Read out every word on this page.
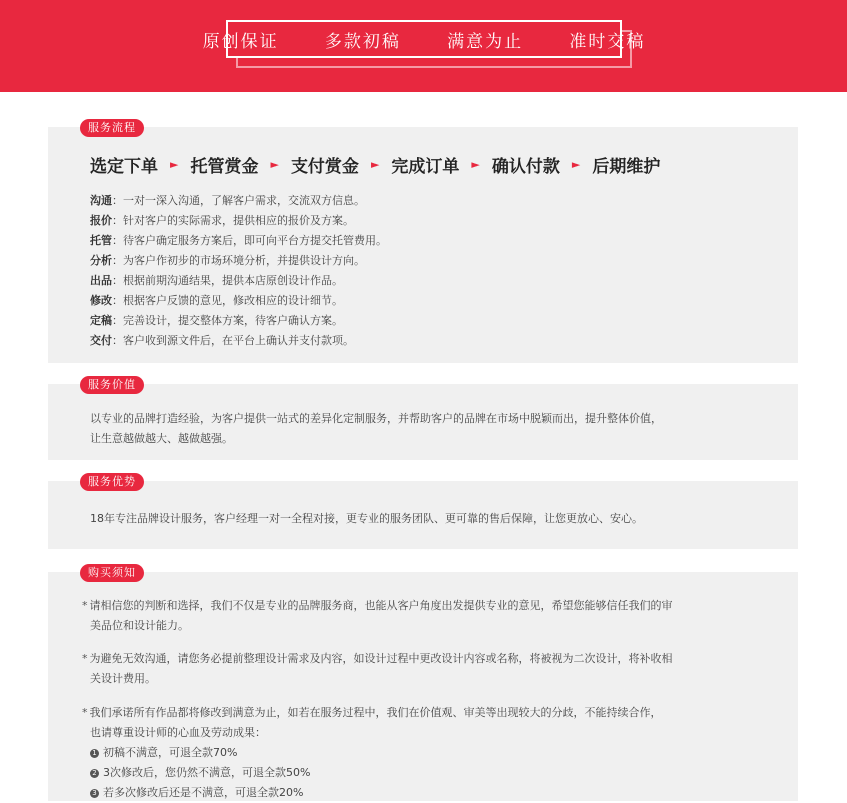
原创保证   多款初稿   满意为止   准时交稿
服务流程
选定下单 ► 托管赏金 ► 支付赏金 ► 完成订单 ► 确认付款 ► 后期维护
沟通：一对一深入沟通，了解客户需求，交流双方信息。
报价：针对客户的实际需求，提供相应的报价及方案。
托管：待客户确定服务方案后，即可向平台方提交托管费用。
分析：为客户作初步的市场环境分析，并提供设计方向。
出品：根据前期沟通结果，提供本店原创设计作品。
修改：根据客户反馈的意见，修改相应的设计细节。
定稿：完善设计，提交整体方案，待客户确认方案。
交付：客户收到源文件后，在平台上确认并支付款项。
服务价值
以专业的品牌打造经验，为客户提供一站式的差异化定制服务，并帮助客户的品牌在市场中脱颖而出，提升整体价值，
让生意越做越大、越做越强。
服务优势
18年专注品牌设计服务，客户经理一对一全程对接，更专业的服务团队、更可靠的售后保障，让您更放心、安心。
购买须知
* 请相信您的判断和选择，我们不仅是专业的品牌服务商，也能从客户角度出发提供专业的意见，希望您能够信任我们的审
美品位和设计能力。
* 为避免无效沟通，请您务必提前整理设计需求及内容，如设计过程中更改设计内容或名称，将被视为二次设计，将补收相
关设计费用。
* 我们承诺所有作品都将修改到满意为止，如若在服务过程中，我们在价值观、审美等出现较大的分歧，不能持续合作，
也请尊重设计师的心血及劳动成果：
1 初稿不满意，可退全款70%
2 3次修改后，您仍然不满意，可退全款50%
3 若多次修改后还是不满意，可退全款20%
